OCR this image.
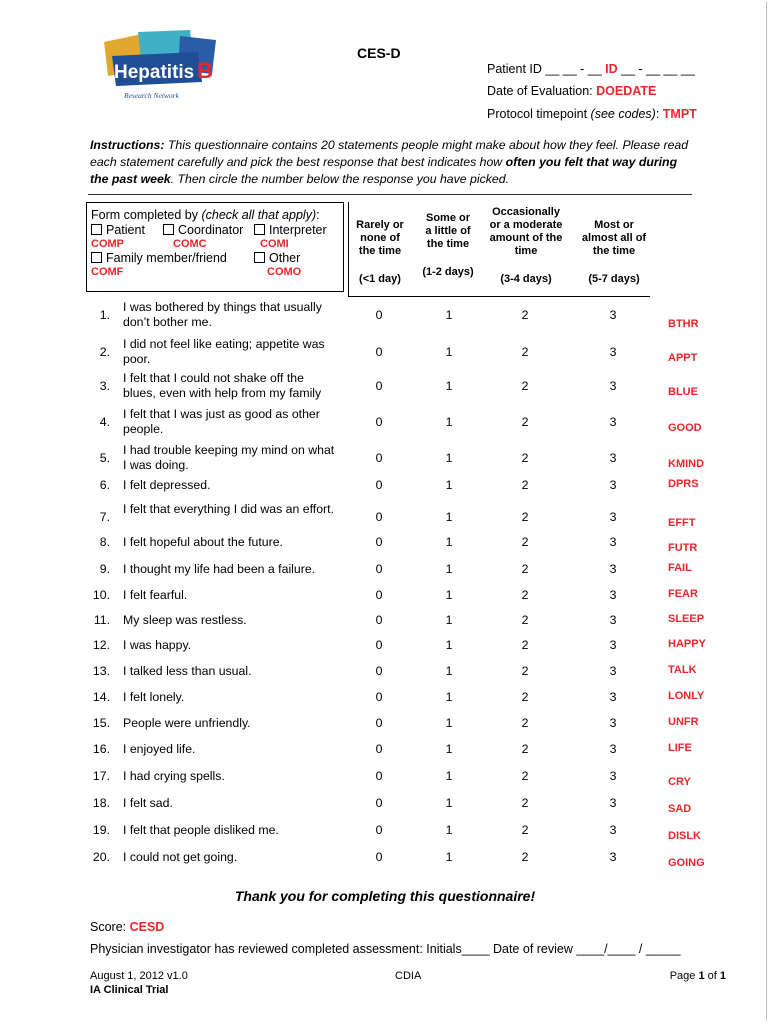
Hepatitis B
Research Network
CES-D
Patient ID __ __ - __ ID __ - __ __ __
Date of Evaluation: DOEDATE
Protocol timepoint (see codes): TMPT
Instructions: This questionnaire contains 20 statements people might make about how they feel. Please read each statement carefully and pick the best response that best indicates how often you felt that way during the past week. Then circle the number below the response you have picked.
Form completed by (check all that apply):
Patient	Coordinator	Interpreter
COMP	COMC	COMI
Family member/friend	Other
COMF	COMO
Rarely or
none of
the time
(<1 day)
Some or
a little of
the time
(1-2 days)
Occasionally
or a moderate
amount of the
time
(3-4 days)
Most or
almost all of
the time
(5-7 days)
1.
I was bothered by things that usually don’t bother me.	0	1	2	3
BTHR
2.
I did not feel like eating; appetite was poor.	0	1	2	3	APPT
3.
I felt that I could not shake off the blues, even with help from my family	0	1	2	3	BLUE
4.
I felt that I was just as good as other people.	0	1	2	3	GOOD
5.
I had trouble keeping my mind on what I was doing.	0	1	2	3	KMIND
6. I felt depressed.	0	1	2	3	DPRS
7.
I felt that everything I did was an effort.
0	1	2	3	EFFT
8. I felt hopeful about the future.	0	1	2	3	FUTR
9. I thought my life had been a failure.	0	1	2	3	FAIL
10. I felt fearful.	0	1	2	3	FEAR
11. My sleep was restless.	0	1	2	3	SLEEP
12. I was happy.	0	1	2	3	HAPPY
13. I talked less than usual.	0	1	2	3	TALK
14. I felt lonely.	0	1	2	3	LONLY
15. People were unfriendly.	0	1	2	3	UNFR
16. I enjoyed life.	0	1	2	3	LIFE
17. I had crying spells.	0	1	2	3	CRY
18. I felt sad.	0	1	2	3	SAD
19. I felt that people disliked me.	0	1	2	3	DISLK
20. I could not get going.	0	1	2	3	GOING
Thank you for completing this questionnaire!
Score: CESD
Physician investigator has reviewed completed assessment: Initials____ Date of review ____/____ / _____
August 1, 2012 v1.0
IA Clinical Trial
CDIA	Page 1 of 1
